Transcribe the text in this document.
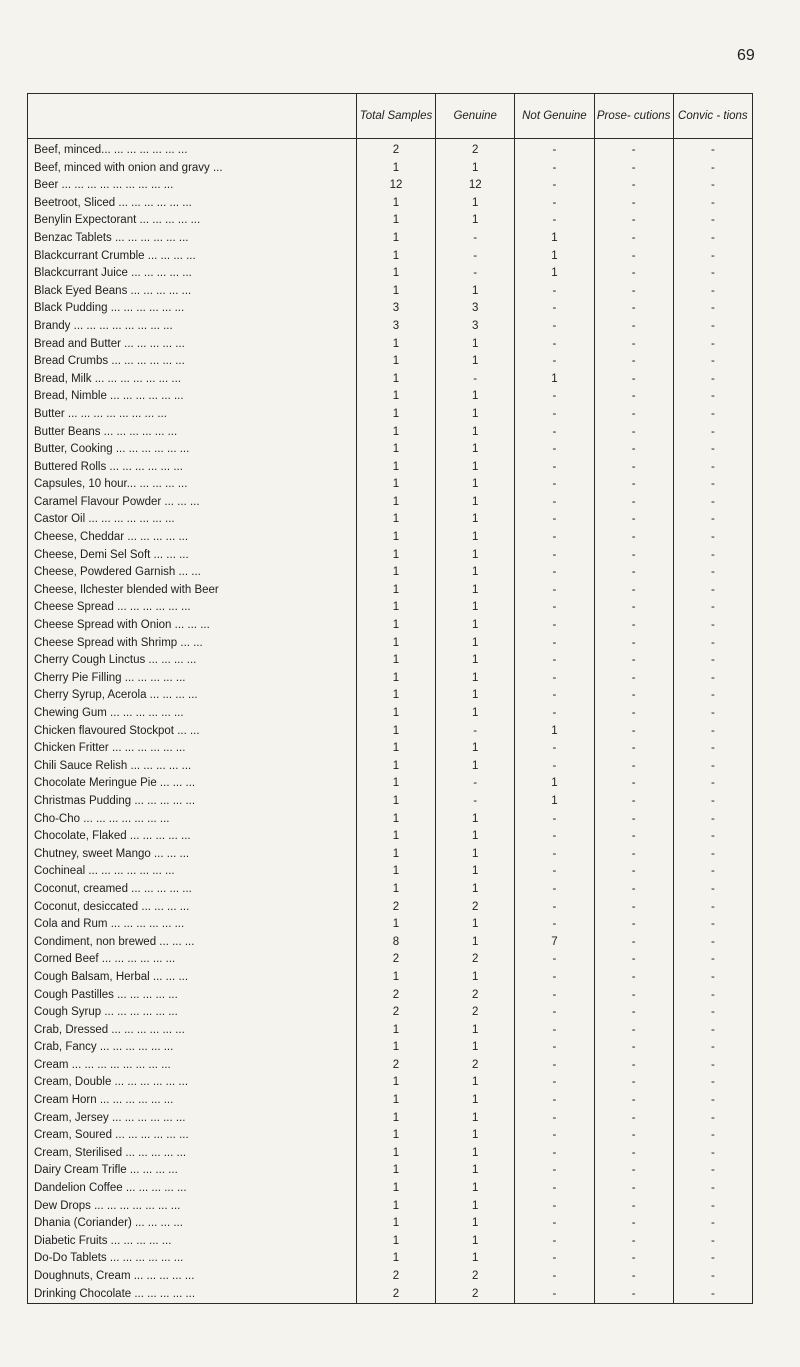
69
	Total Samples	Genuine	Not Genuine	Prose- cutions	Convic - tions
Beef, minced... ... ... ... ... ... ...	2	2	-	-	-
Beef, minced with onion and gravy ...	1	1	-	-	-
Beer ... ... ... ... ... ... ... ... ...	12	12	-	-	-
Beetroot, Sliced ... ... ... ... ... ...	1	1	-	-	-
Benylin Expectorant ... ... ... ... ...	1	1	-	-	-
Benzac Tablets ... ... ... ... ... ...	1	-	1	-	-
Blackcurrant Crumble ... ... ... ...	1	-	1	-	-
Blackcurrant Juice ... ... ... ... ...	1	-	1	-	-
Black Eyed Beans ... ... ... ... ...	1	1	-	-	-
Black Pudding ... ... ... ... ... ...	3	3	-	-	-
Brandy ... ... ... ... ... ... ... ...	3	3	-	-	-
Bread and Butter ... ... ... ... ...	1	1	-	-	-
Bread Crumbs ... ... ... ... ... ...	1	1	-	-	-
Bread, Milk ... ... ... ... ... ... ...	1	-	1	-	-
Bread, Nimble ... ... ... ... ... ...	1	1	-	-	-
Butter ... ... ... ... ... ... ... ...	1	1	-	-	-
Butter Beans ... ... ... ... ... ...	1	1	-	-	-
Butter, Cooking ... ... ... ... ... ...	1	1	-	-	-
Buttered Rolls ... ... ... ... ... ...	1	1	-	-	-
Capsules, 10 hour... ... ... ... ...	1	1	-	-	-
Caramel Flavour Powder ... ... ...	1	1	-	-	-
Castor Oil ... ... ... ... ... ... ...	1	1	-	-	-
Cheese, Cheddar ... ... ... ... ...	1	1	-	-	-
Cheese, Demi Sel Soft ... ... ...	1	1	-	-	-
Cheese, Powdered Garnish ... ...	1	1	-	-	-
Cheese, Ilchester blended with Beer	1	1	-	-	-
Cheese Spread ... ... ... ... ... ...	1	1	-	-	-
Cheese Spread with Onion ... ... ...	1	1	-	-	-
Cheese Spread with Shrimp ... ...	1	1	-	-	-
Cherry Cough Linctus ... ... ... ...	1	1	-	-	-
Cherry Pie Filling ... ... ... ... ...	1	1	-	-	-
Cherry Syrup, Acerola ... ... ... ...	1	1	-	-	-
Chewing Gum ... ... ... ... ... ...	1	1	-	-	-
Chicken flavoured Stockpot ... ...	1	-	1	-	-
Chicken Fritter ... ... ... ... ... ...	1	1	-	-	-
Chili Sauce Relish ... ... ... ... ...	1	1	-	-	-
Chocolate Meringue Pie ... ... ...	1	-	1	-	-
Christmas Pudding ... ... ... ... ...	1	-	1	-	-
Cho-Cho ... ... ... ... ... ... ...	1	1	-	-	-
Chocolate, Flaked ... ... ... ... ...	1	1	-	-	-
Chutney, sweet Mango ... ... ...	1	1	-	-	-
Cochineal ... ... ... ... ... ... ...	1	1	-	-	-
Coconut, creamed ... ... ... ... ...	1	1	-	-	-
Coconut, desiccated ... ... ... ...	2	2	-	-	-
Cola and Rum ... ... ... ... ... ...	1	1	-	-	-
Condiment, non brewed ... ... ...	8	1	7	-	-
Corned Beef ... ... ... ... ... ...	2	2	-	-	-
Cough Balsam, Herbal ... ... ...	1	1	-	-	-
Cough Pastilles ... ... ... ... ...	2	2	-	-	-
Cough Syrup ... ... ... ... ... ...	2	2	-	-	-
Crab, Dressed ... ... ... ... ... ...	1	1	-	-	-
Crab, Fancy ... ... ... ... ... ...	1	1	-	-	-
Cream ... ... ... ... ... ... ... ...	2	2	-	-	-
Cream, Double ... ... ... ... ... ...	1	1	-	-	-
Cream Horn ... ... ... ... ... ...	1	1	-	-	-
Cream, Jersey ... ... ... ... ... ...	1	1	-	-	-
Cream, Soured ... ... ... ... ... ...	1	1	-	-	-
Cream, Sterilised ... ... ... ... ...	1	1	-	-	-
Dairy Cream Trifle ... ... ... ...	1	1	-	-	-
Dandelion Coffee ... ... ... ... ...	1	1	-	-	-
Dew Drops ... ... ... ... ... ... ...	1	1	-	-	-
Dhania (Coriander) ... ... ... ...	1	1	-	-	-
Diabetic Fruits ... ... ... ... ...	1	1	-	-	-
Do-Do Tablets ... ... ... ... ... ...	1	1	-	-	-
Doughnuts, Cream ... ... ... ... ...	2	2	-	-	-
Drinking Chocolate ... ... ... ... ...	2	2	-	-	-
